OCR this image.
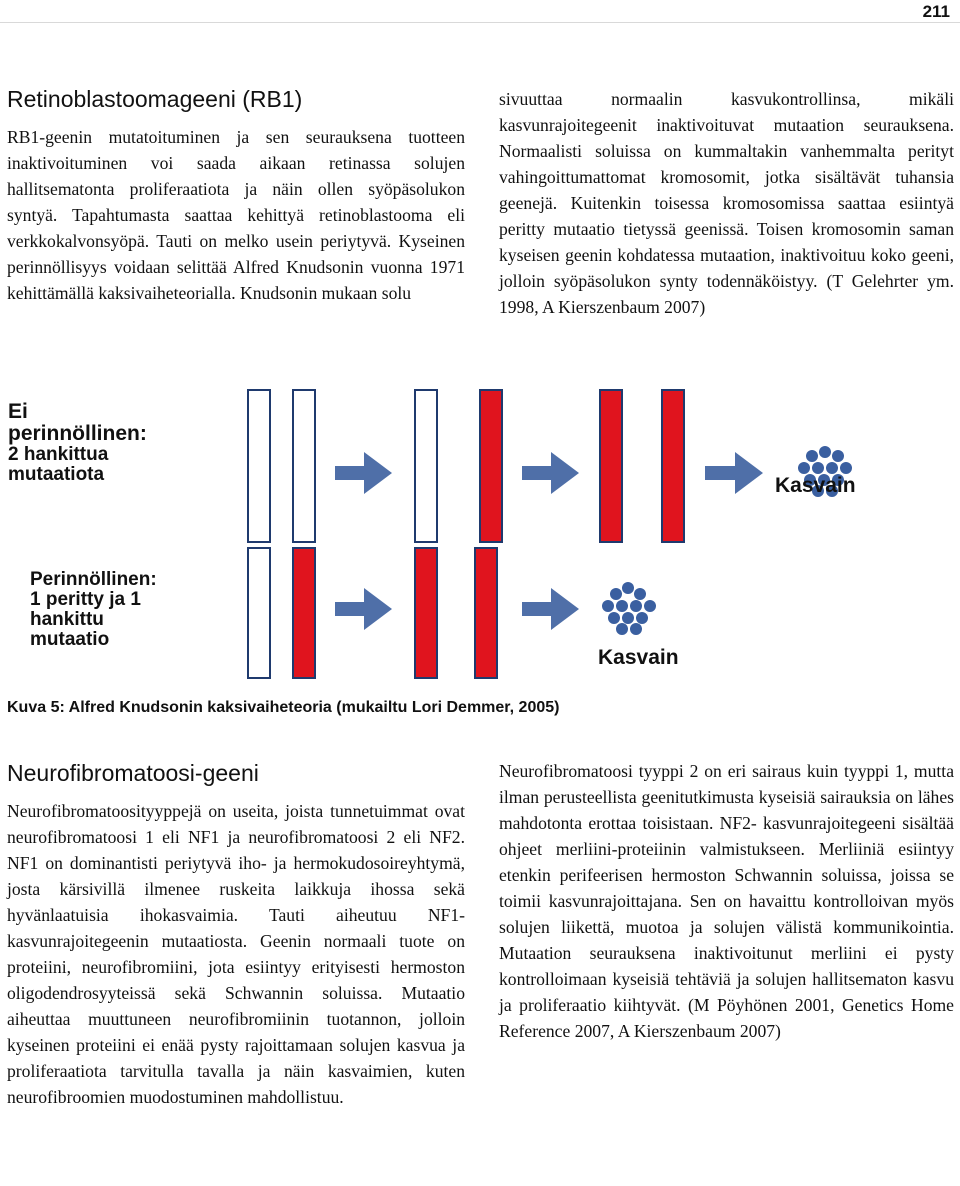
211
Retinoblastoomageeni (RB1)

RB1-geenin mutatoituminen ja sen seurauksena tuotteen inaktivoituminen voi saada aikaan retinassa solujen hallitsematonta proliferaatiota ja näin ollen syöpäsolukon syntyä. Tapahtumasta saattaa kehittyä retinoblastooma eli verkkokalvonsyöpä. Tauti on melko usein periytyvä. Kyseinen perinnöllisyys voidaan selittää Alfred Knudsonin vuonna 1971 kehittämällä kaksivaiheteorialla. Knudsonin mukaan solu

sivuuttaa normaalin kasvukontrollinsa, mikäli kasvunrajoitegeenit inaktivoituvat mutaation seurauksena. Normaalisti soluissa on kummaltakin vanhemmalta perityt vahingoittumattomat kromosomit, jotka sisältävät tuhansia geenejä. Kuitenkin toisessa kromosomissa saattaa esiintyä peritty mutaatio tietyssä geenissä. Toisen kromosomin saman kyseisen geenin kohdatessa mutaation, inaktivoituu koko geeni, jolloin syöpäsolukon synty todennäköistyy. (T Gelehrter ym. 1998, A Kierszenbaum 2007)

Ei
perinnöllinen:
2 hankittua
mutaatiota	Kasvain
Perinnöllinen:
1 peritty ja 1
hankittu
mutaatio
Kasvain
Kuva 5: Alfred Knudsonin kaksivaiheteoria (mukailtu Lori Demmer, 2005)
Neurofibromatoosi-geeni

Neurofibromatoosityyppejä on useita, joista tunnetuimmat ovat neurofibromatoosi 1 eli NF1 ja neurofibromatoosi 2 eli NF2. NF1 on dominantisti periytyvä iho- ja hermokudosoireyhtymä, josta kärsivillä ilmenee ruskeita laikkuja ihossa sekä hyvänlaatuisia ihokasvaimia. Tauti aiheutuu NF1- kasvunrajoitegeenin mutaatiosta. Geenin normaali tuote on proteiini, neurofibromiini, jota esiintyy erityisesti hermoston oligodendrosyyteissä sekä Schwannin soluissa. Mutaatio aiheuttaa muuttuneen neurofibromiinin tuotannon, jolloin kyseinen proteiini ei enää pysty rajoittamaan solujen kasvua ja proliferaatiota tarvitulla tavalla ja näin kasvaimien, kuten neurofibroomien muodostuminen mahdollistuu.

Neurofibromatoosi tyyppi 2 on eri sairaus kuin tyyppi 1, mutta ilman perusteellista geenitutkimusta kyseisiä sairauksia on lähes mahdotonta erottaa toisistaan. NF2- kasvunrajoitegeeni sisältää ohjeet merliini-proteiinin valmistukseen. Merliiniä esiintyy etenkin perifeerisen hermoston Schwannin soluissa, joissa se toimii kasvunrajoittajana. Sen on havaittu kontrolloivan myös solujen liikettä, muotoa ja solujen välistä kommunikointia. Mutaation seurauksena inaktivoitunut merliini ei pysty kontrolloimaan kyseisiä tehtäviä ja solujen hallitsematon kasvu ja proliferaatio kiihtyvät. (M Pöyhönen 2001, Genetics Home Reference 2007, A Kierszenbaum 2007)
